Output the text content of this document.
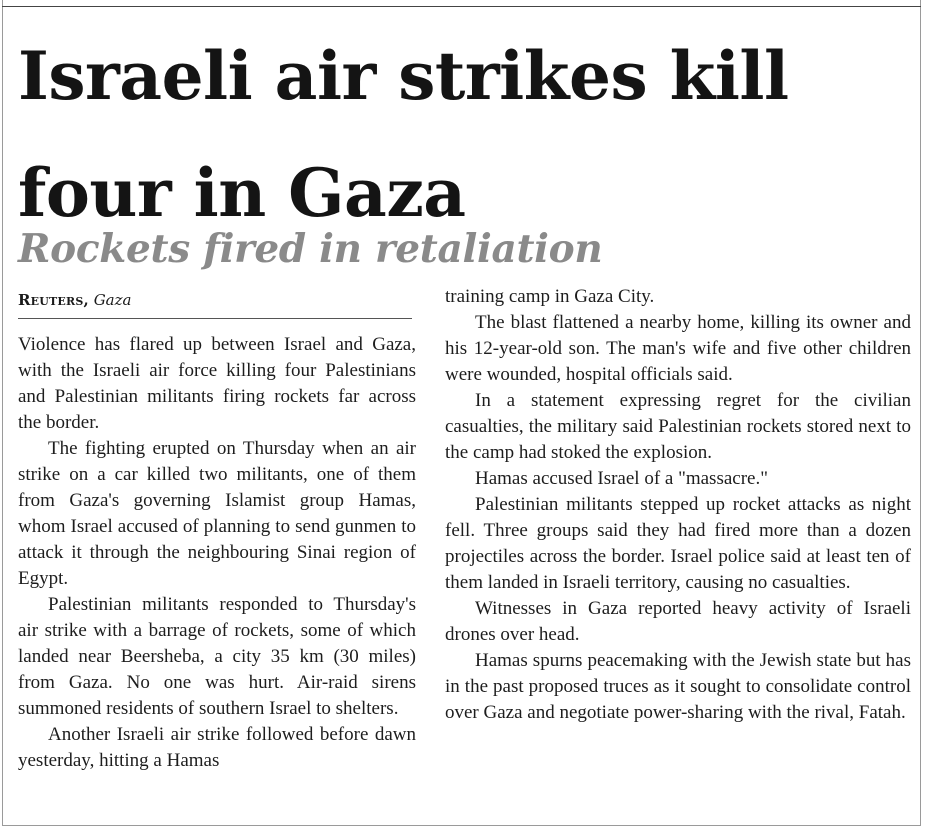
Israeli air strikes kill four in Gaza
Rockets fired in retaliation
Reuters, Gaza

Violence has flared up between Israel and Gaza, with the Israeli air force killing four Palestinians and Palestinian militants firing rockets far across the border.

The fighting erupted on Thursday when an air strike on a car killed two militants, one of them from Gaza's governing Islamist group Hamas, whom Israel accused of planning to send gunmen to attack it through the neighbouring Sinai region of Egypt.

Palestinian militants responded to Thursday's air strike with a barrage of rockets, some of which landed near Beersheba, a city 35 km (30 miles) from Gaza. No one was hurt. Air-raid sirens summoned residents of southern Israel to shelters.

Another Israeli air strike followed before dawn yesterday, hitting a Hamas

training camp in Gaza City.

The blast flattened a nearby home, killing its owner and his 12-year-old son. The man's wife and five other children were wounded, hospital officials said.

In a statement expressing regret for the civilian casualties, the military said Palestinian rockets stored next to the camp had stoked the explosion.

Hamas accused Israel of a "massacre."

Palestinian militants stepped up rocket attacks as night fell. Three groups said they had fired more than a dozen projectiles across the border. Israel police said at least ten of them landed in Israeli territory, causing no casualties.

Witnesses in Gaza reported heavy activity of Israeli drones over head.

Hamas spurns peacemaking with the Jewish state but has in the past proposed truces as it sought to consolidate control over Gaza and negotiate power-sharing with the rival, Fatah.
